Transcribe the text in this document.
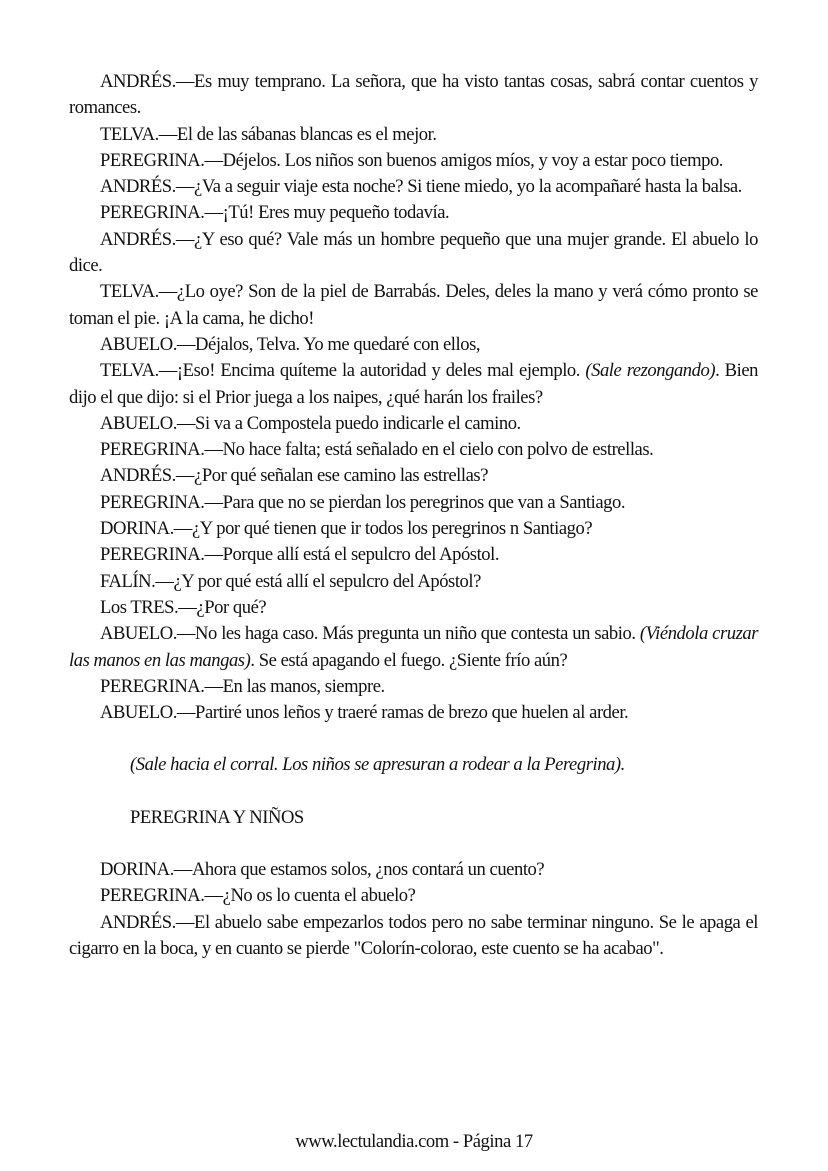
ANDRÉS.—Es muy temprano. La señora, que ha visto tantas cosas, sabrá contar cuentos y romances.

TELVA.—El de las sábanas blancas es el mejor.

PEREGRINA.—Déjelos. Los niños son buenos amigos míos, y voy a estar poco tiempo.

ANDRÉS.—¿Va a seguir viaje esta noche? Si tiene miedo, yo la acompañaré hasta la balsa.

PEREGRINA.—¡Tú! Eres muy pequeño todavía.

ANDRÉS.—¿Y eso qué? Vale más un hombre pequeño que una mujer grande. El abuelo lo dice.

TELVA.—¿Lo oye? Son de la piel de Barrabás. Deles, deles la mano y verá cómo pronto se toman el pie. ¡A la cama, he dicho!

ABUELO.—Déjalos, Telva. Yo me quedaré con ellos,

TELVA.—¡Eso! Encima quíteme la autoridad y deles mal ejemplo. (Sale rezongando). Bien dijo el que dijo: si el Prior juega a los naipes, ¿qué harán los frailes?

ABUELO.—Si va a Compostela puedo indicarle el camino.

PEREGRINA.—No hace falta; está señalado en el cielo con polvo de estrellas.

ANDRÉS.—¿Por qué señalan ese camino las estrellas?

PEREGRINA.—Para que no se pierdan los peregrinos que van a Santiago.

DORINA.—¿Y por qué tienen que ir todos los peregrinos n Santiago?

PEREGRINA.—Porque allí está el sepulcro del Apóstol.

FALÍN.—¿Y por qué está allí el sepulcro del Apóstol?

Los TRES.—¿Por qué?

ABUELO.—No les haga caso. Más pregunta un niño que contesta un sabio. (Viéndola cruzar las manos en las mangas). Se está apagando el fuego. ¿Siente frío aún?

PEREGRINA.—En las manos, siempre.

ABUELO.—Partiré unos leños y traeré ramas de brezo que huelen al arder.

(Sale hacia el corral. Los niños se apresuran a rodear a la Peregrina).

PEREGRINA Y NIÑOS

DORINA.—Ahora que estamos solos, ¿nos contará un cuento?

PEREGRINA.—¿No os lo cuenta el abuelo?

ANDRÉS.—El abuelo sabe empezarlos todos pero no sabe terminar ninguno. Se le apaga el cigarro en la boca, y en cuanto se pierde "Colorín-colorao, este cuento se ha acabao".

www.lectulandia.com - Página 17
